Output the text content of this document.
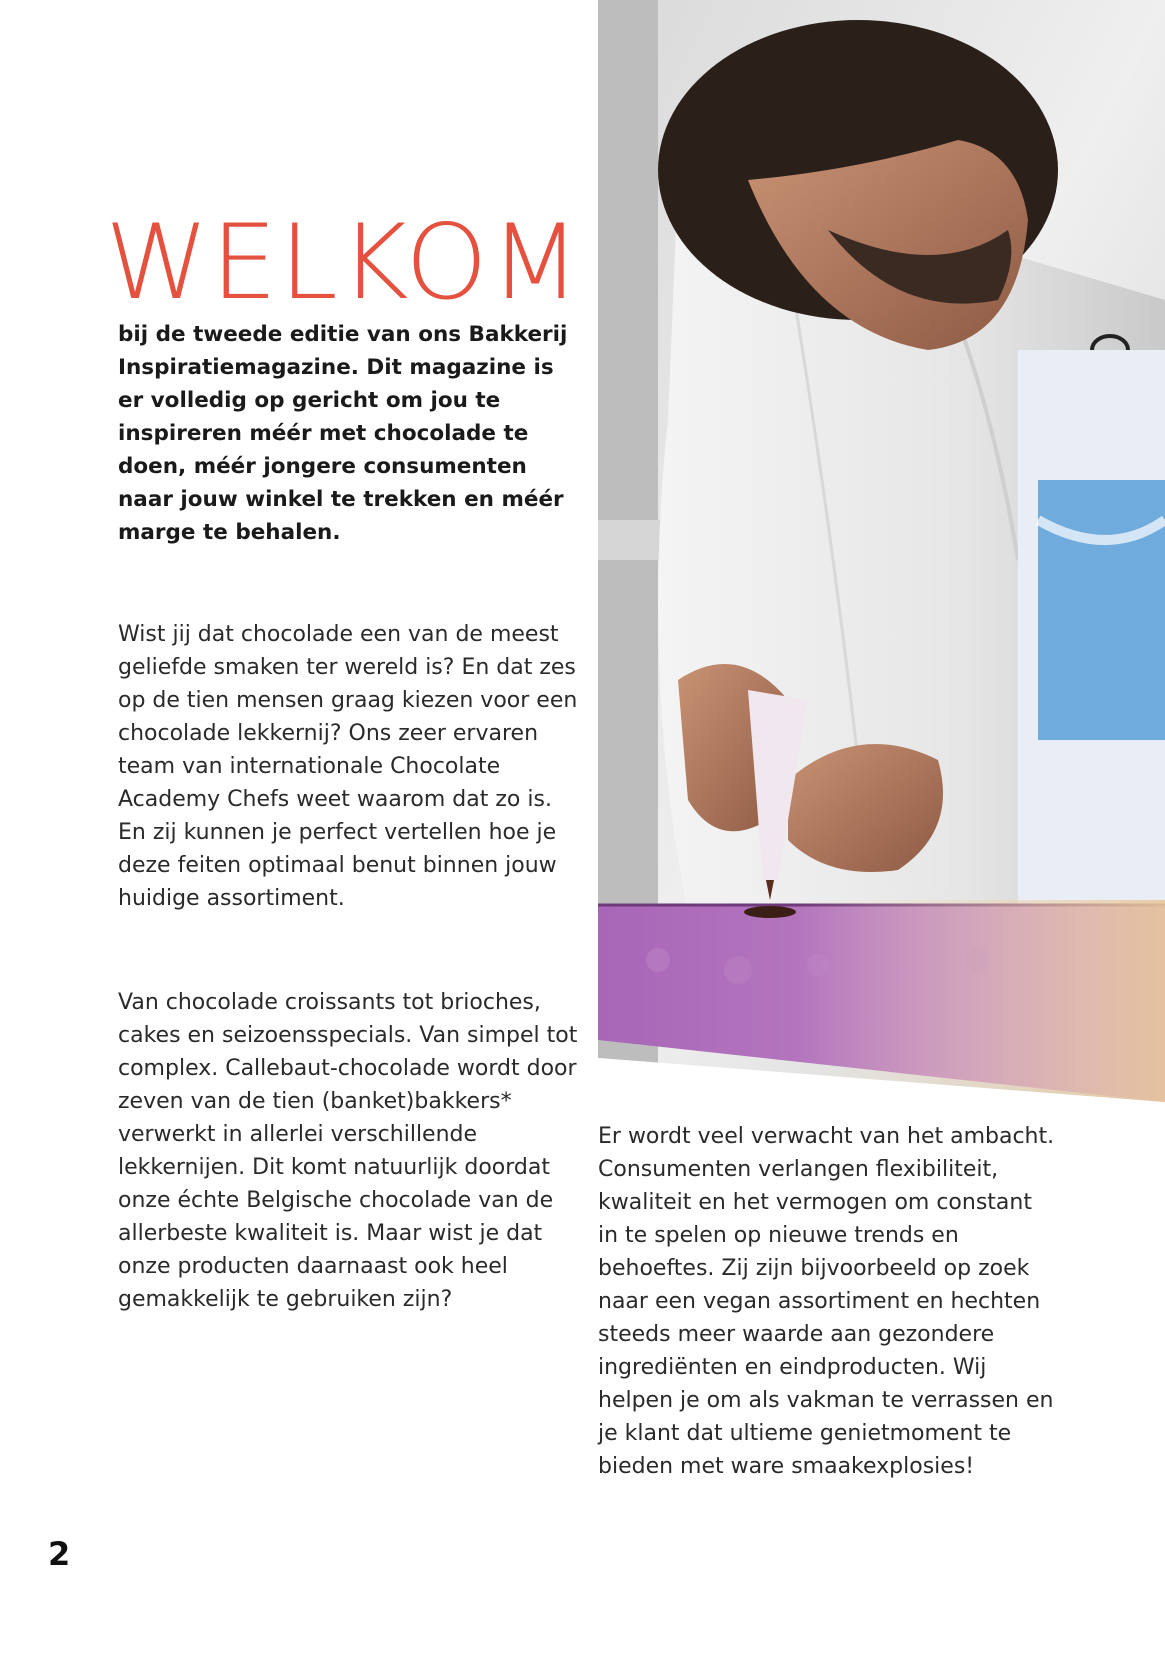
WELKOM

bij de tweede editie van ons Bakkerij Inspiratiemagazine. Dit magazine is er volledig op gericht om jou te inspireren méér met chocolade te doen, méér jongere consumenten naar jouw winkel te trekken en méér marge te behalen.

Wist jij dat chocolade een van de meest geliefde smaken ter wereld is? En dat zes op de tien mensen graag kiezen voor een chocolade lekkernij? Ons zeer ervaren team van internationale Chocolate Academy Chefs weet waarom dat zo is. En zij kunnen je perfect vertellen hoe je deze feiten optimaal benut binnen jouw huidige assortiment.

Van chocolade croissants tot brioches, cakes en seizoensspecials. Van simpel tot complex. Callebaut-chocolade wordt door zeven van de tien (banket)bakkers* verwerkt in allerlei verschillende lekkernijen. Dit komt natuurlijk doordat onze échte Belgische chocolade van de allerbeste kwaliteit is. Maar wist je dat onze producten daarnaast ook heel gemakkelijk te gebruiken zijn?

Er wordt veel verwacht van het ambacht. Consumenten verlangen flexibiliteit, kwaliteit en het vermogen om constant in te spelen op nieuwe trends en behoeftes. Zij zijn bijvoorbeeld op zoek naar een vegan assortiment en hechten steeds meer waarde aan gezondere ingrediënten en eindproducten. Wij helpen je om als vakman te verrassen en je klant dat ultieme genietmoment te bieden met ware smaakexplosies!

2
